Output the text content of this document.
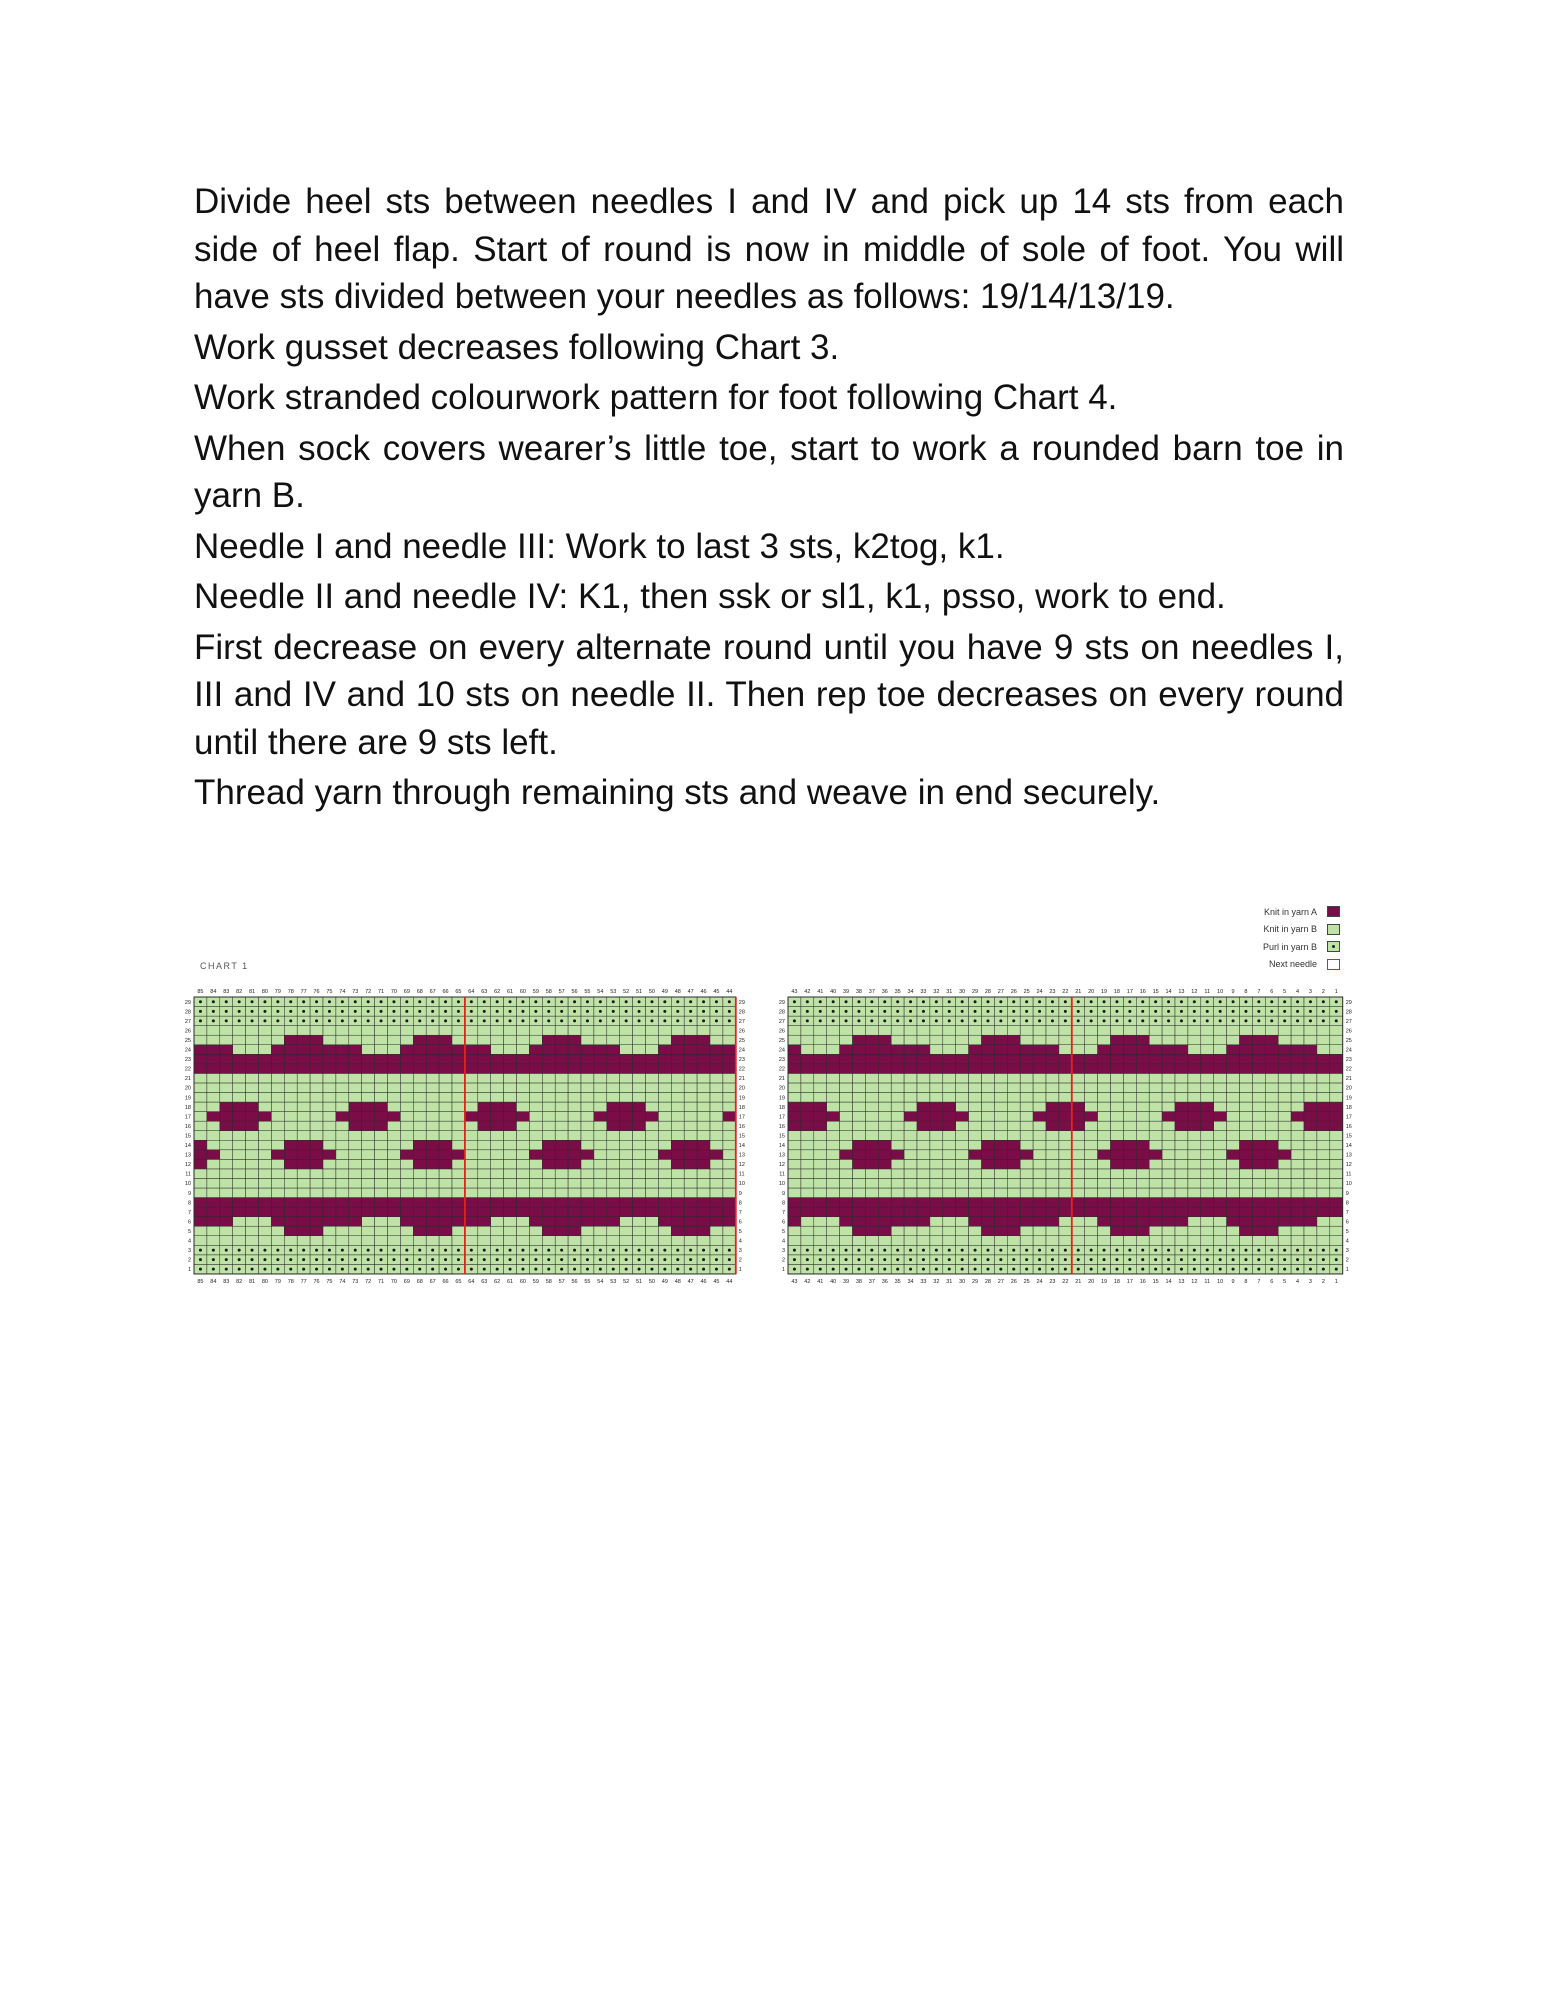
Divide heel sts between needles I and IV and pick up 14 sts from each side of heel flap. Start of round is now in middle of sole of foot. You will have sts divided between your needles as follows: 19/14/13/19.

Work gusset decreases following Chart 3.

Work stranded colourwork pattern for foot following Chart 4.

When sock covers wearer’s little toe, start to work a rounded barn toe in yarn B.

Needle I and needle III: Work to last 3 sts, k2tog, k1.

Needle II and needle IV: K1, then ssk or sl1, k1, psso, work to end.

First decrease on every alternate round until you have 9 sts on needles I, III and IV and 10 sts on needle II. Then rep toe decreases on every round until there are 9 sts left.

Thread yarn through remaining sts and weave in end securely.

Knit in yarn A
Knit in yarn B
Purl in yarn B
Next needle
CHART 1
1	1
2	2
3	3
4	4
5	5
6	6
7	7
8	8
9	9
10	10
11	11
12	12
13	13
14	14
15	15
16	16
17	17
18	18
19	19
20	20
21	21
22	22
23	23
24	24
25	25
26	26
27	27
28	28
29	29
85
85
84
84
83
83
82
82
81
81
80
80
79
79
78
78
77
77
76
76
75
75
74
74
73
73
72
72
71
71
70
70
69
69
68
68
67
67
66
66
65
65
64
64
63
63
62
62
61
61
60
60
59
59
58
58
57
57
56
56
55
55
54
54
53
53
52
52
51
51
50
50
49
49
48
48
47
47
46
46
45
45
44
44
1	1
2	2
3	3
4	4
5	5
6	6
7	7
8	8
9	9
10	10
11	11
12	12
13	13
14	14
15	15
16	16
17	17
18	18
19	19
20	20
21	21
22	22
23	23
24	24
25	25
26	26
27	27
28	28
29	29
43
43
42
42
41
41
40
40
39
39
38
38
37
37
36
36
35
35
34
34
33
33
32
32
31
31
30
30
29
29
28
28
27
27
26
26
25
25
24
24
23
23
22
22
21
21
20
20
19
19
18
18
17
17
16
16
15
15
14
14
13
13
12
12
11
11
10
10
9
9
8
8
7
7
6
6
5
5
4
4
3
3
2
2
1
1
